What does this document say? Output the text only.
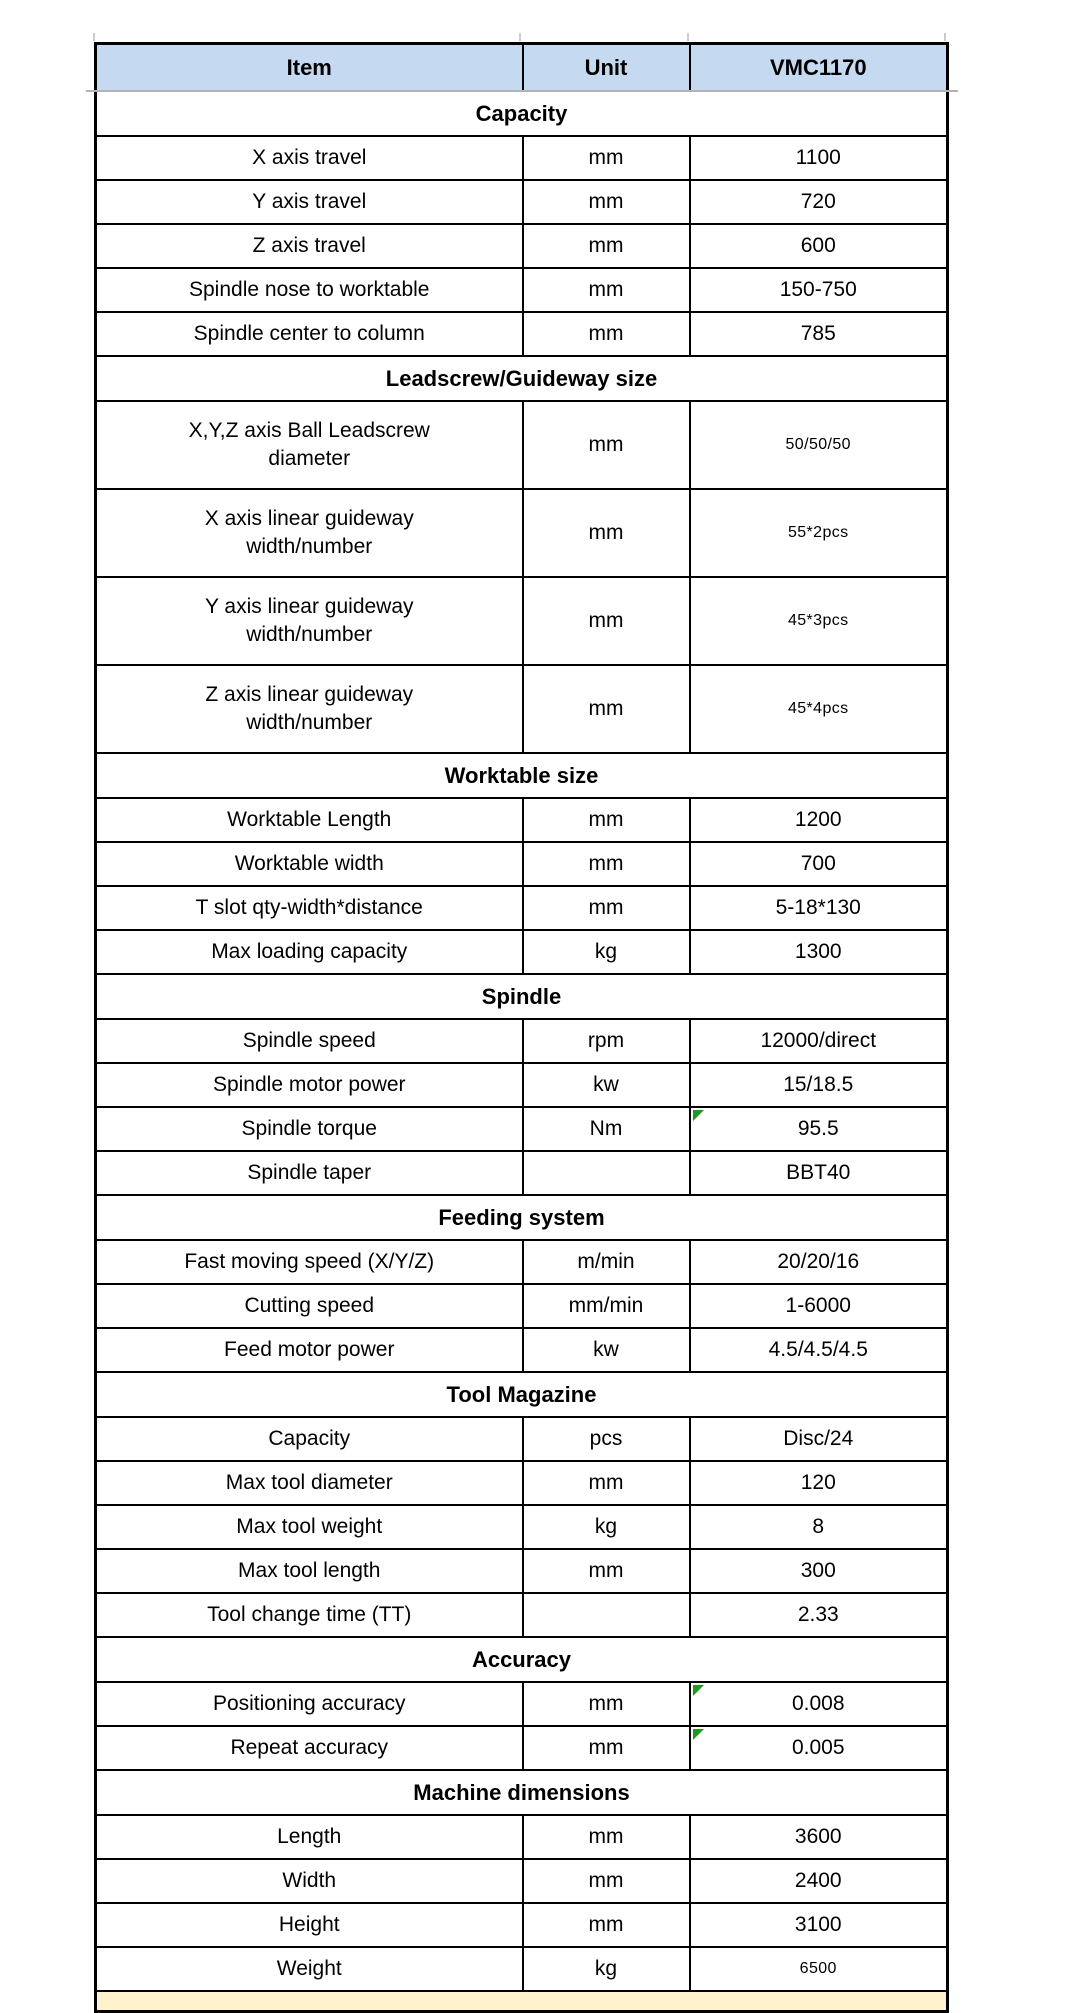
Item	Unit	VMC1170
Capacity		
X axis travel	mm	1100
Y axis travel	mm	720
Z axis travel	mm	600
Spindle nose to worktable	mm	150-750
Spindle center to column	mm	785
Leadscrew/Guideway size		
X,Y,Z axis Ball Leadscrew diameter	mm	50/50/50
X axis linear guideway width/number	mm	55*2pcs
Y axis linear guideway width/number	mm	45*3pcs
Z axis linear guideway width/number	mm	45*4pcs
Worktable size		
Worktable Length	mm	1200
Worktable width	mm	700
T slot qty-width*distance	mm	5-18*130
Max loading capacity	kg	1300
Spindle		
Spindle speed	rpm	12000/direct
Spindle motor power	kw	15/18.5
Spindle torque	Nm	95.5
Spindle taper		BBT40
Feeding system		
Fast moving speed (X/Y/Z)	m/min	20/20/16
Cutting speed	mm/min	1-6000
Feed motor power	kw	4.5/4.5/4.5
Tool Magazine		
Capacity	pcs	Disc/24
Max tool diameter	mm	120
Max tool weight	kg	8
Max tool length	mm	300
Tool change time (TT)		2.33
Accuracy		
Positioning accuracy	mm	0.008
Repeat accuracy	mm	0.005
Machine dimensions		
Length	mm	3600
Width	mm	2400
Height	mm	3100
Weight	kg	6500
